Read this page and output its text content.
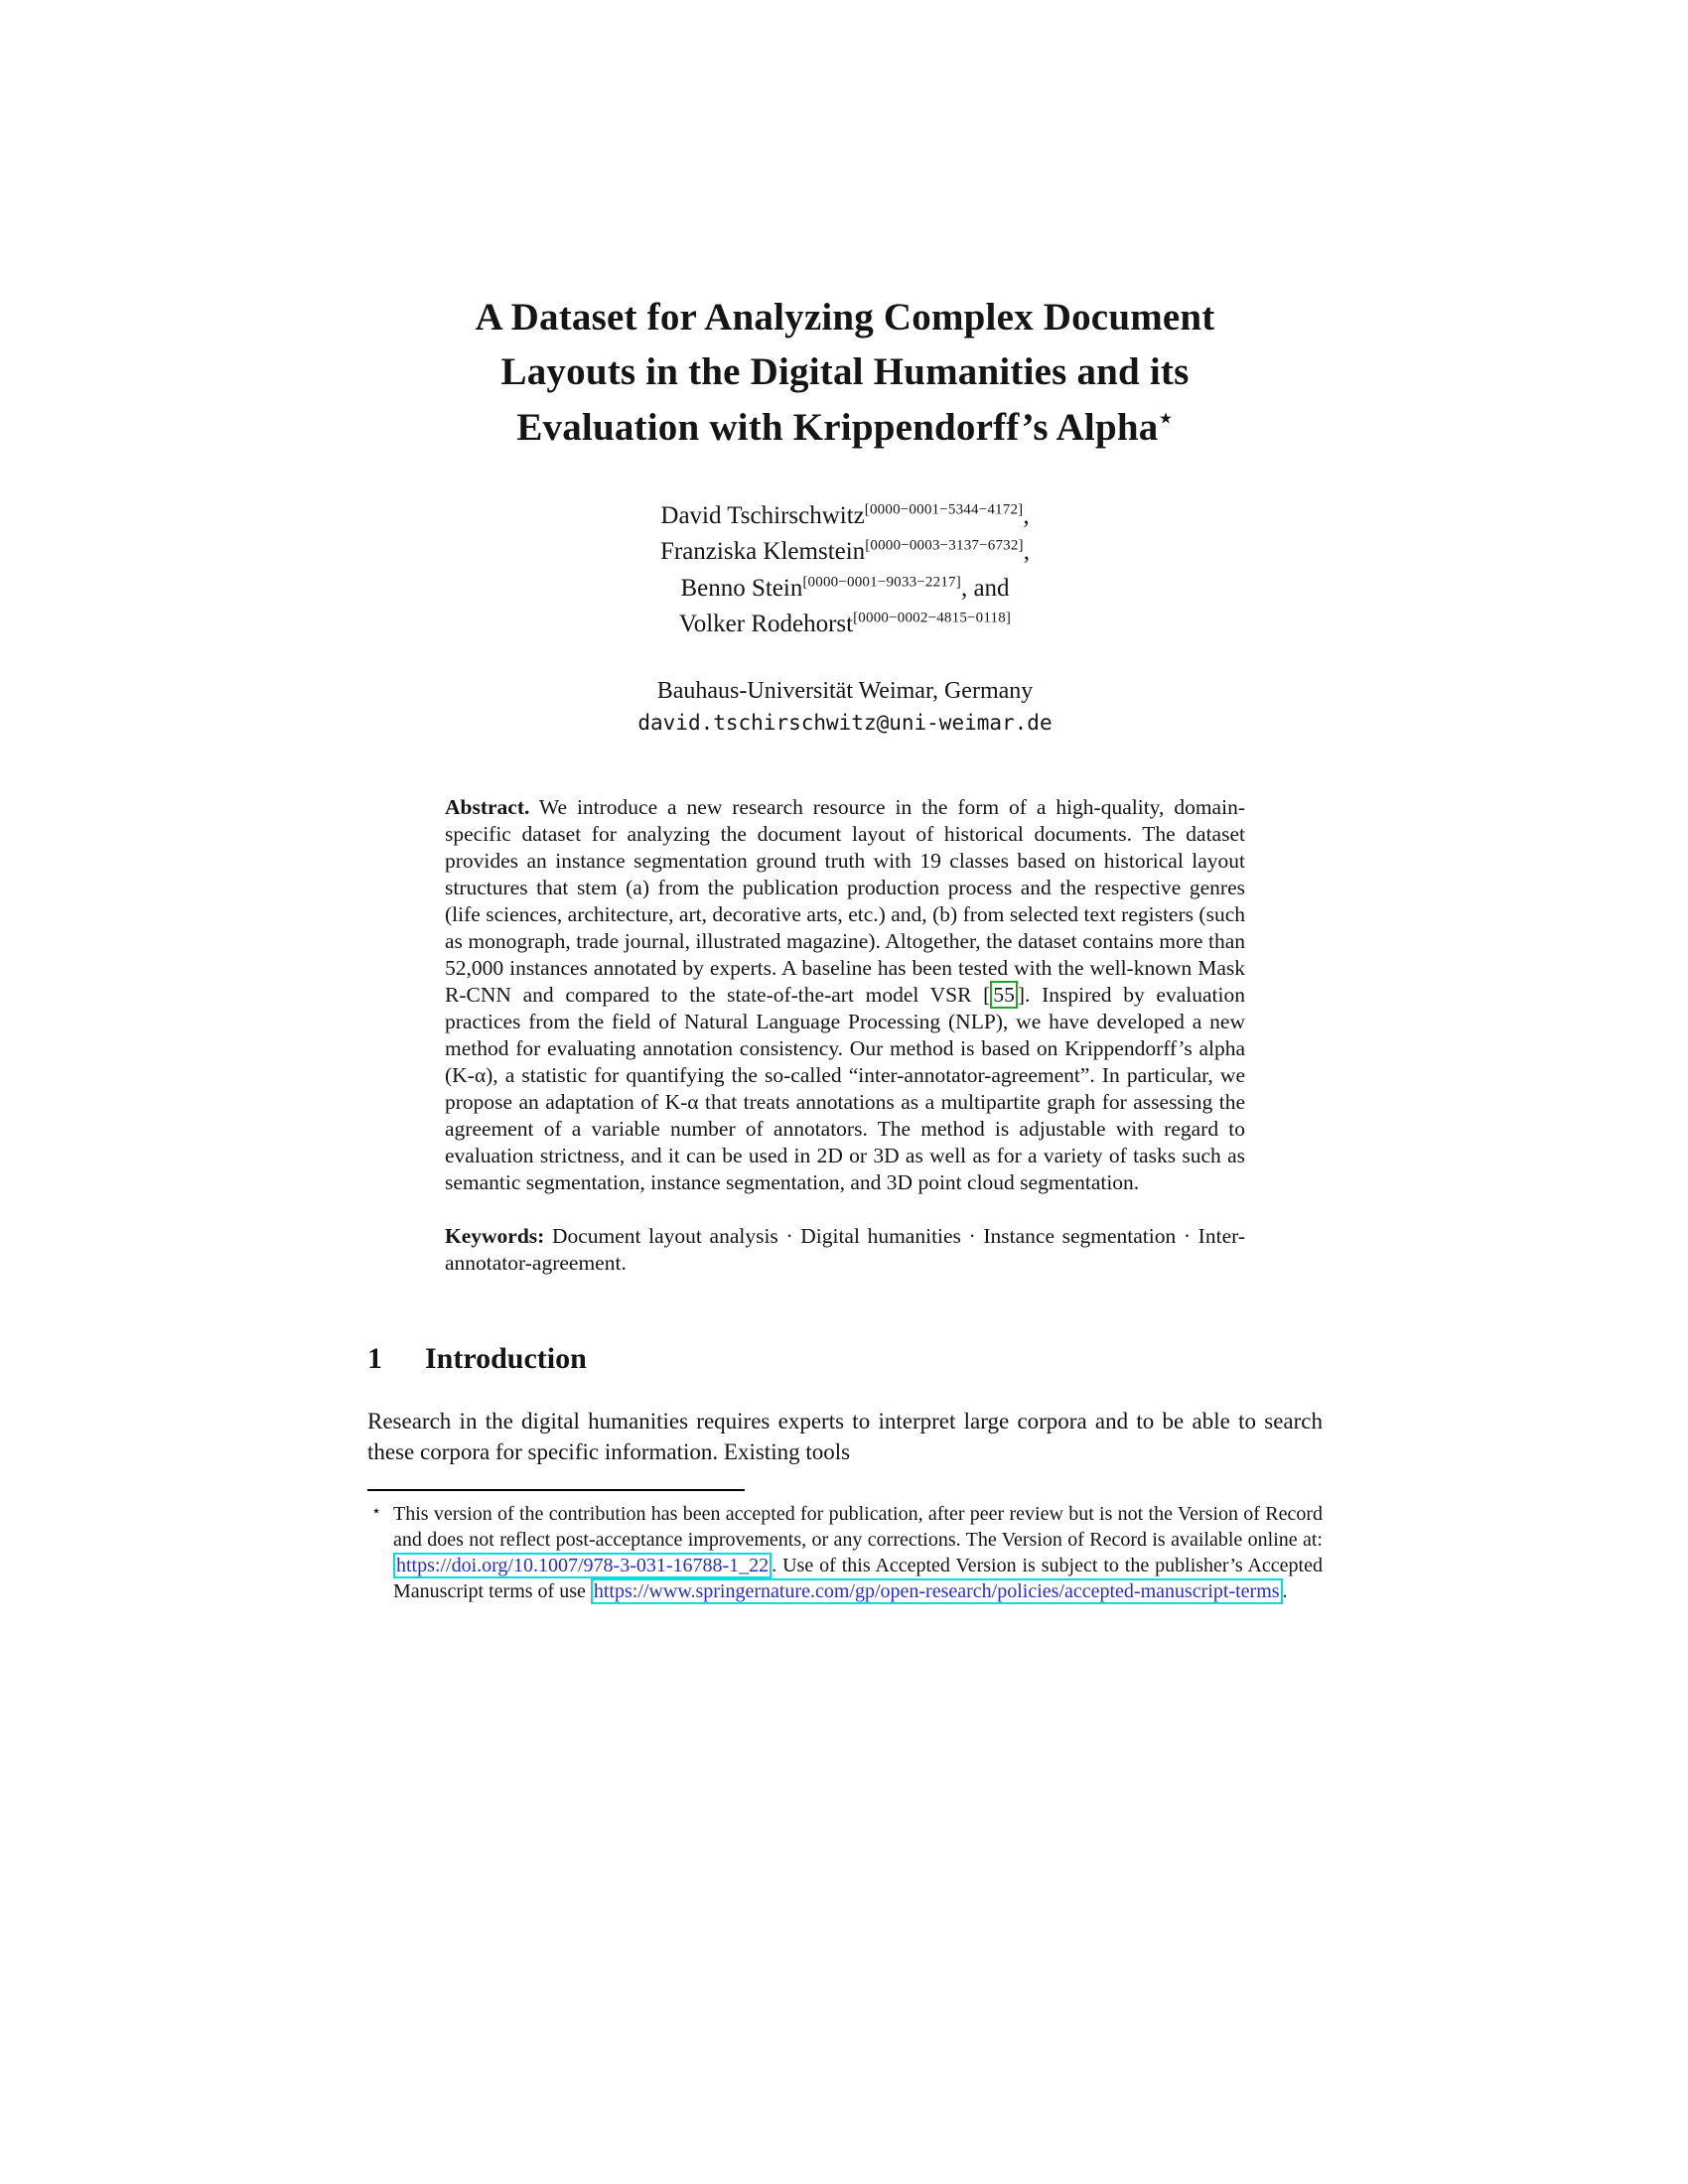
A Dataset for Analyzing Complex Document
Layouts in the Digital Humanities and its
Evaluation with Krippendorff’s Alpha⋆
David Tschirschwitz[0000−0001−5344−4172],
Franziska Klemstein[0000−0003−3137−6732],
Benno Stein[0000−0001−9033−2217], and
Volker Rodehorst[0000−0002−4815−0118]
Bauhaus-Universität Weimar, Germany
david.tschirschwitz@uni-weimar.de

Abstract. We introduce a new research resource in the form of a high-quality, domain-specific dataset for analyzing the document layout of historical documents. The dataset provides an instance segmentation ground truth with 19 classes based on historical layout structures that stem (a) from the publication production process and the respective genres (life sciences, architecture, art, decorative arts, etc.) and, (b) from selected text registers (such as monograph, trade journal, illustrated magazine). Altogether, the dataset contains more than 52,000 instances annotated by experts. A baseline has been tested with the well-known Mask R-CNN and compared to the state-of-the-art model VSR [ 55 ]. Inspired by evaluation practices from the field of Natural Language Processing (NLP), we have developed a new method for evaluating annotation consistency. Our method is based on Krippendorff’s alpha (K-α), a statistic for quantifying the so-called “inter-annotator-agreement”. In particular, we propose an adaptation of K-α that treats annotations as a multipartite graph for assessing the agreement of a variable number of annotators. The method is adjustable with regard to evaluation strictness, and it can be used in 2D or 3D as well as for a variety of tasks such as semantic segmentation, instance segmentation, and 3D point cloud segmentation.

Keywords: Document layout analysis · Digital humanities · Instance segmentation · Inter-annotator-agreement.

1 Introduction

Research in the digital humanities requires experts to interpret large corpora and to be able to search these corpora for specific information. Existing tools

⋆ This version of the contribution has been accepted for publication, after peer review but is not the Version of Record and does not reflect post-acceptance improvements, or any corrections. The Version of Record is available online at: https://doi.org/10.1007/978-3-031-16788-1_22 . Use of this Accepted Version is subject to the publisher’s Accepted Manuscript terms of use https://www.springernature.com/gp/open-research/policies/accepted-manuscript-terms .
